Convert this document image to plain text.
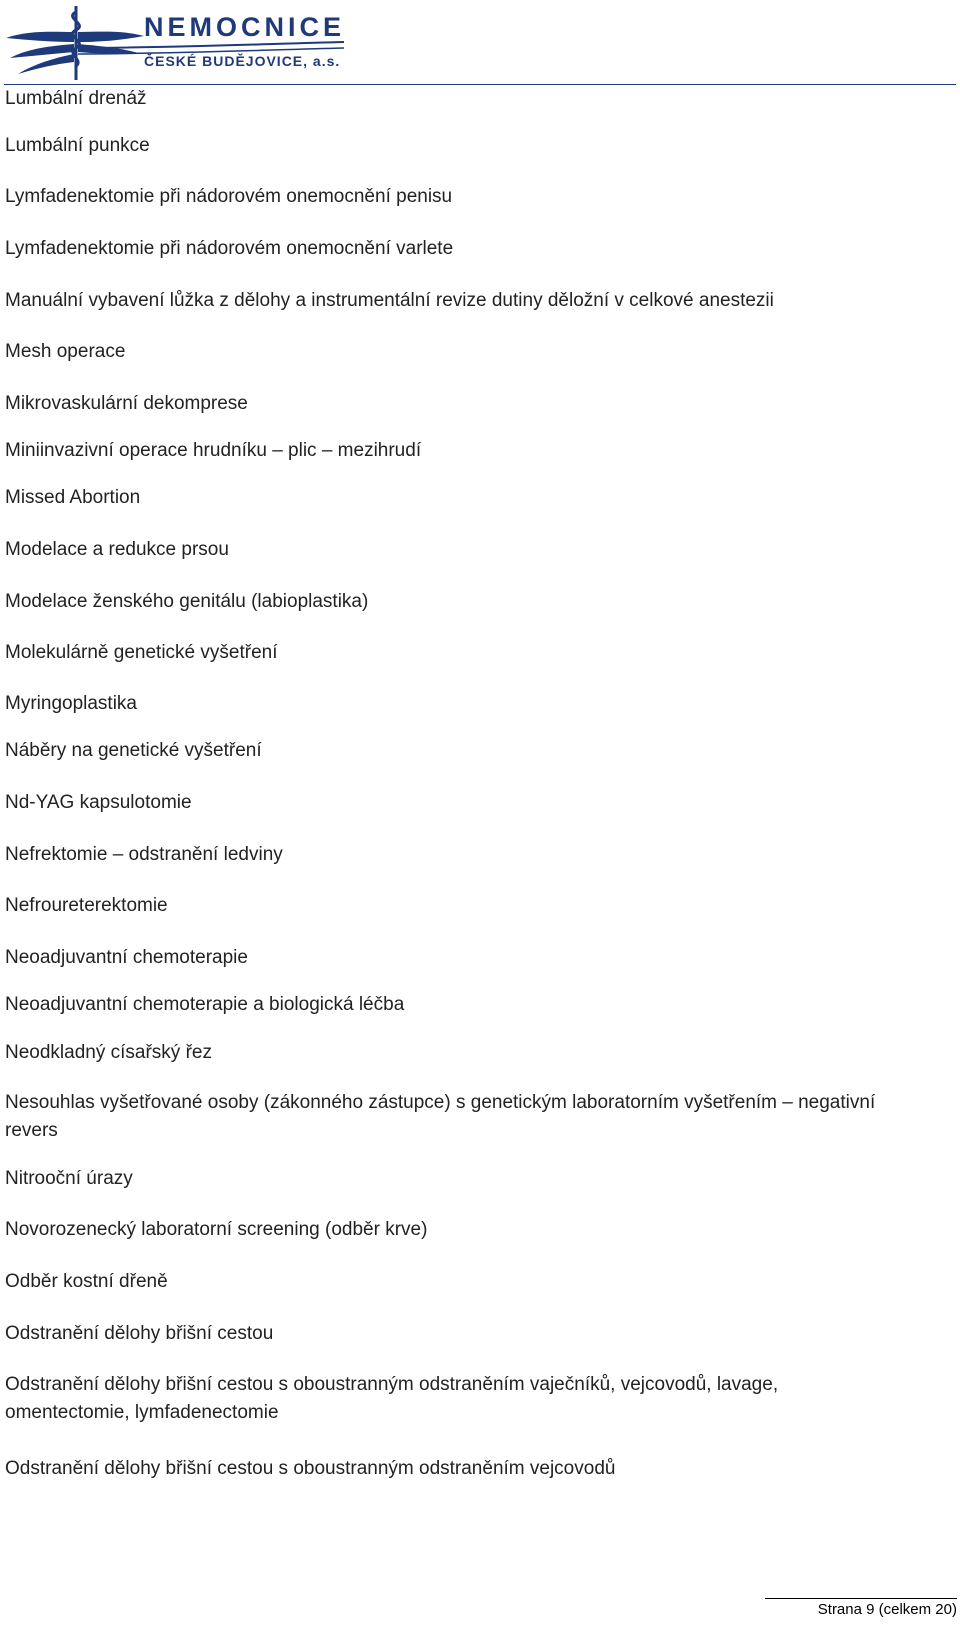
NEMOCNICE
ČESKÉ BUDĚJOVICE, a.s.
Lumbální drenáž
Lumbální punkce
Lymfadenektomie při nádorovém onemocnění penisu
Lymfadenektomie při nádorovém onemocnění varlete
Manuální vybavení lůžka z dělohy a instrumentální revize dutiny děložní v celkové anestezii
Mesh operace
Mikrovaskulární dekomprese
Miniinvazivní operace hrudníku – plic – mezihrudí
Missed Abortion
Modelace a redukce prsou
Modelace ženského genitálu (labioplastika)
Molekulárně genetické vyšetření
Myringoplastika
Náběry na genetické vyšetření
Nd-YAG kapsulotomie
Nefrektomie – odstranění ledviny
Nefroureterektomie
Neoadjuvantní chemoterapie
Neoadjuvantní chemoterapie a biologická léčba
Neodkladný císařský řez
Nesouhlas vyšetřované osoby (zákonného zástupce) s genetickým laboratorním vyšetřením – negativní revers
Nitrooční úrazy
Novorozenecký laboratorní screening (odběr krve)
Odběr kostní dřeně
Odstranění dělohy břišní cestou
Odstranění dělohy břišní cestou s oboustranným odstraněním vaječníků, vejcovodů, lavage, omentectomie, lymfadenectomie
Odstranění dělohy břišní cestou s oboustranným odstraněním vejcovodů
Strana 9 (celkem 20)
